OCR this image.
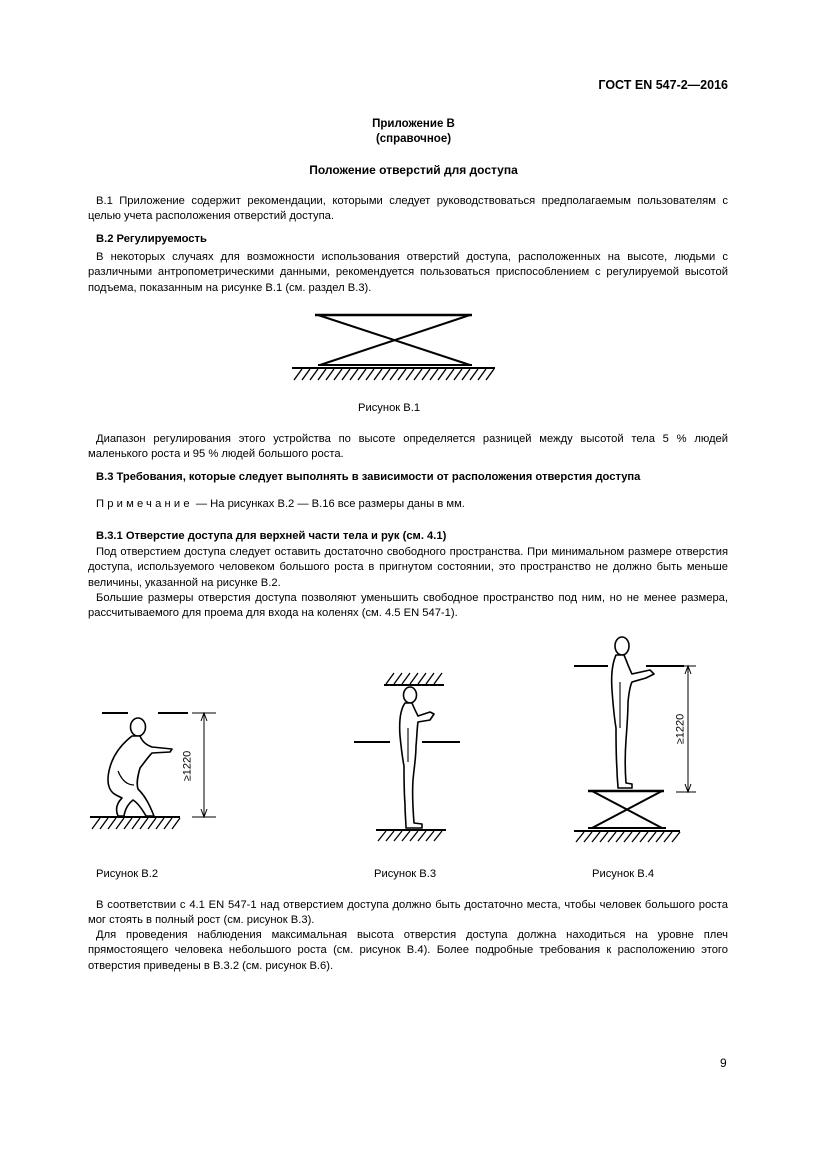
ГОСТ EN 547-2—2016
Приложение В
(справочное)
Положение отверстий для доступа

В.1 Приложение содержит рекомендации, которыми следует руководствоваться предполагаемым пользователям с целью учета расположения отверстий доступа.

В.2 Регулируемость

В некоторых случаях для возможности использования отверстий доступа, расположенных на высоте, людьми с различными антропометрическими данными, рекомендуется пользоваться приспособлением с регулируемой высотой подъема, показанным на рисунке В.1 (см. раздел В.3).

Рисунок В.1

Диапазон регулирования этого устройства по высоте определяется разницей между высотой тела 5 % людей маленького роста и 95 % людей большого роста.

В.3 Требования, которые следует выполнять в зависимости от расположения отверстия доступа
Примечание — На рисунках В.2 — В.16 все размеры даны в мм.
В.3.1 Отверстие доступа для верхней части тела и рук (см. 4.1)

Под отверстием доступа следует оставить достаточно свободного пространства. При минимальном размере отверстия доступа, используемого человеком большого роста в пригнутом состоянии, это пространство не должно быть меньше величины, указанной на рисунке В.2.

Большие размеры отверстия доступа позволяют уменьшить свободное пространство под ним, но не менее размера, рассчитываемого для проема для входа на коленях (см. 4.5 EN 547-1).

≥1220
≥1220
Рисунок В.2	Рисунок В.3	Рисунок В.4

В соответствии с 4.1 EN 547-1 над отверстием доступа должно быть достаточно места, чтобы человек большого роста мог стоять в полный рост (см. рисунок В.3).

Для проведения наблюдения максимальная высота отверстия доступа должна находиться на уровне плеч прямостоящего человека небольшого роста (см. рисунок В.4). Более подробные требования к расположению этого отверстия приведены в В.3.2 (см. рисунок В.6).

9
